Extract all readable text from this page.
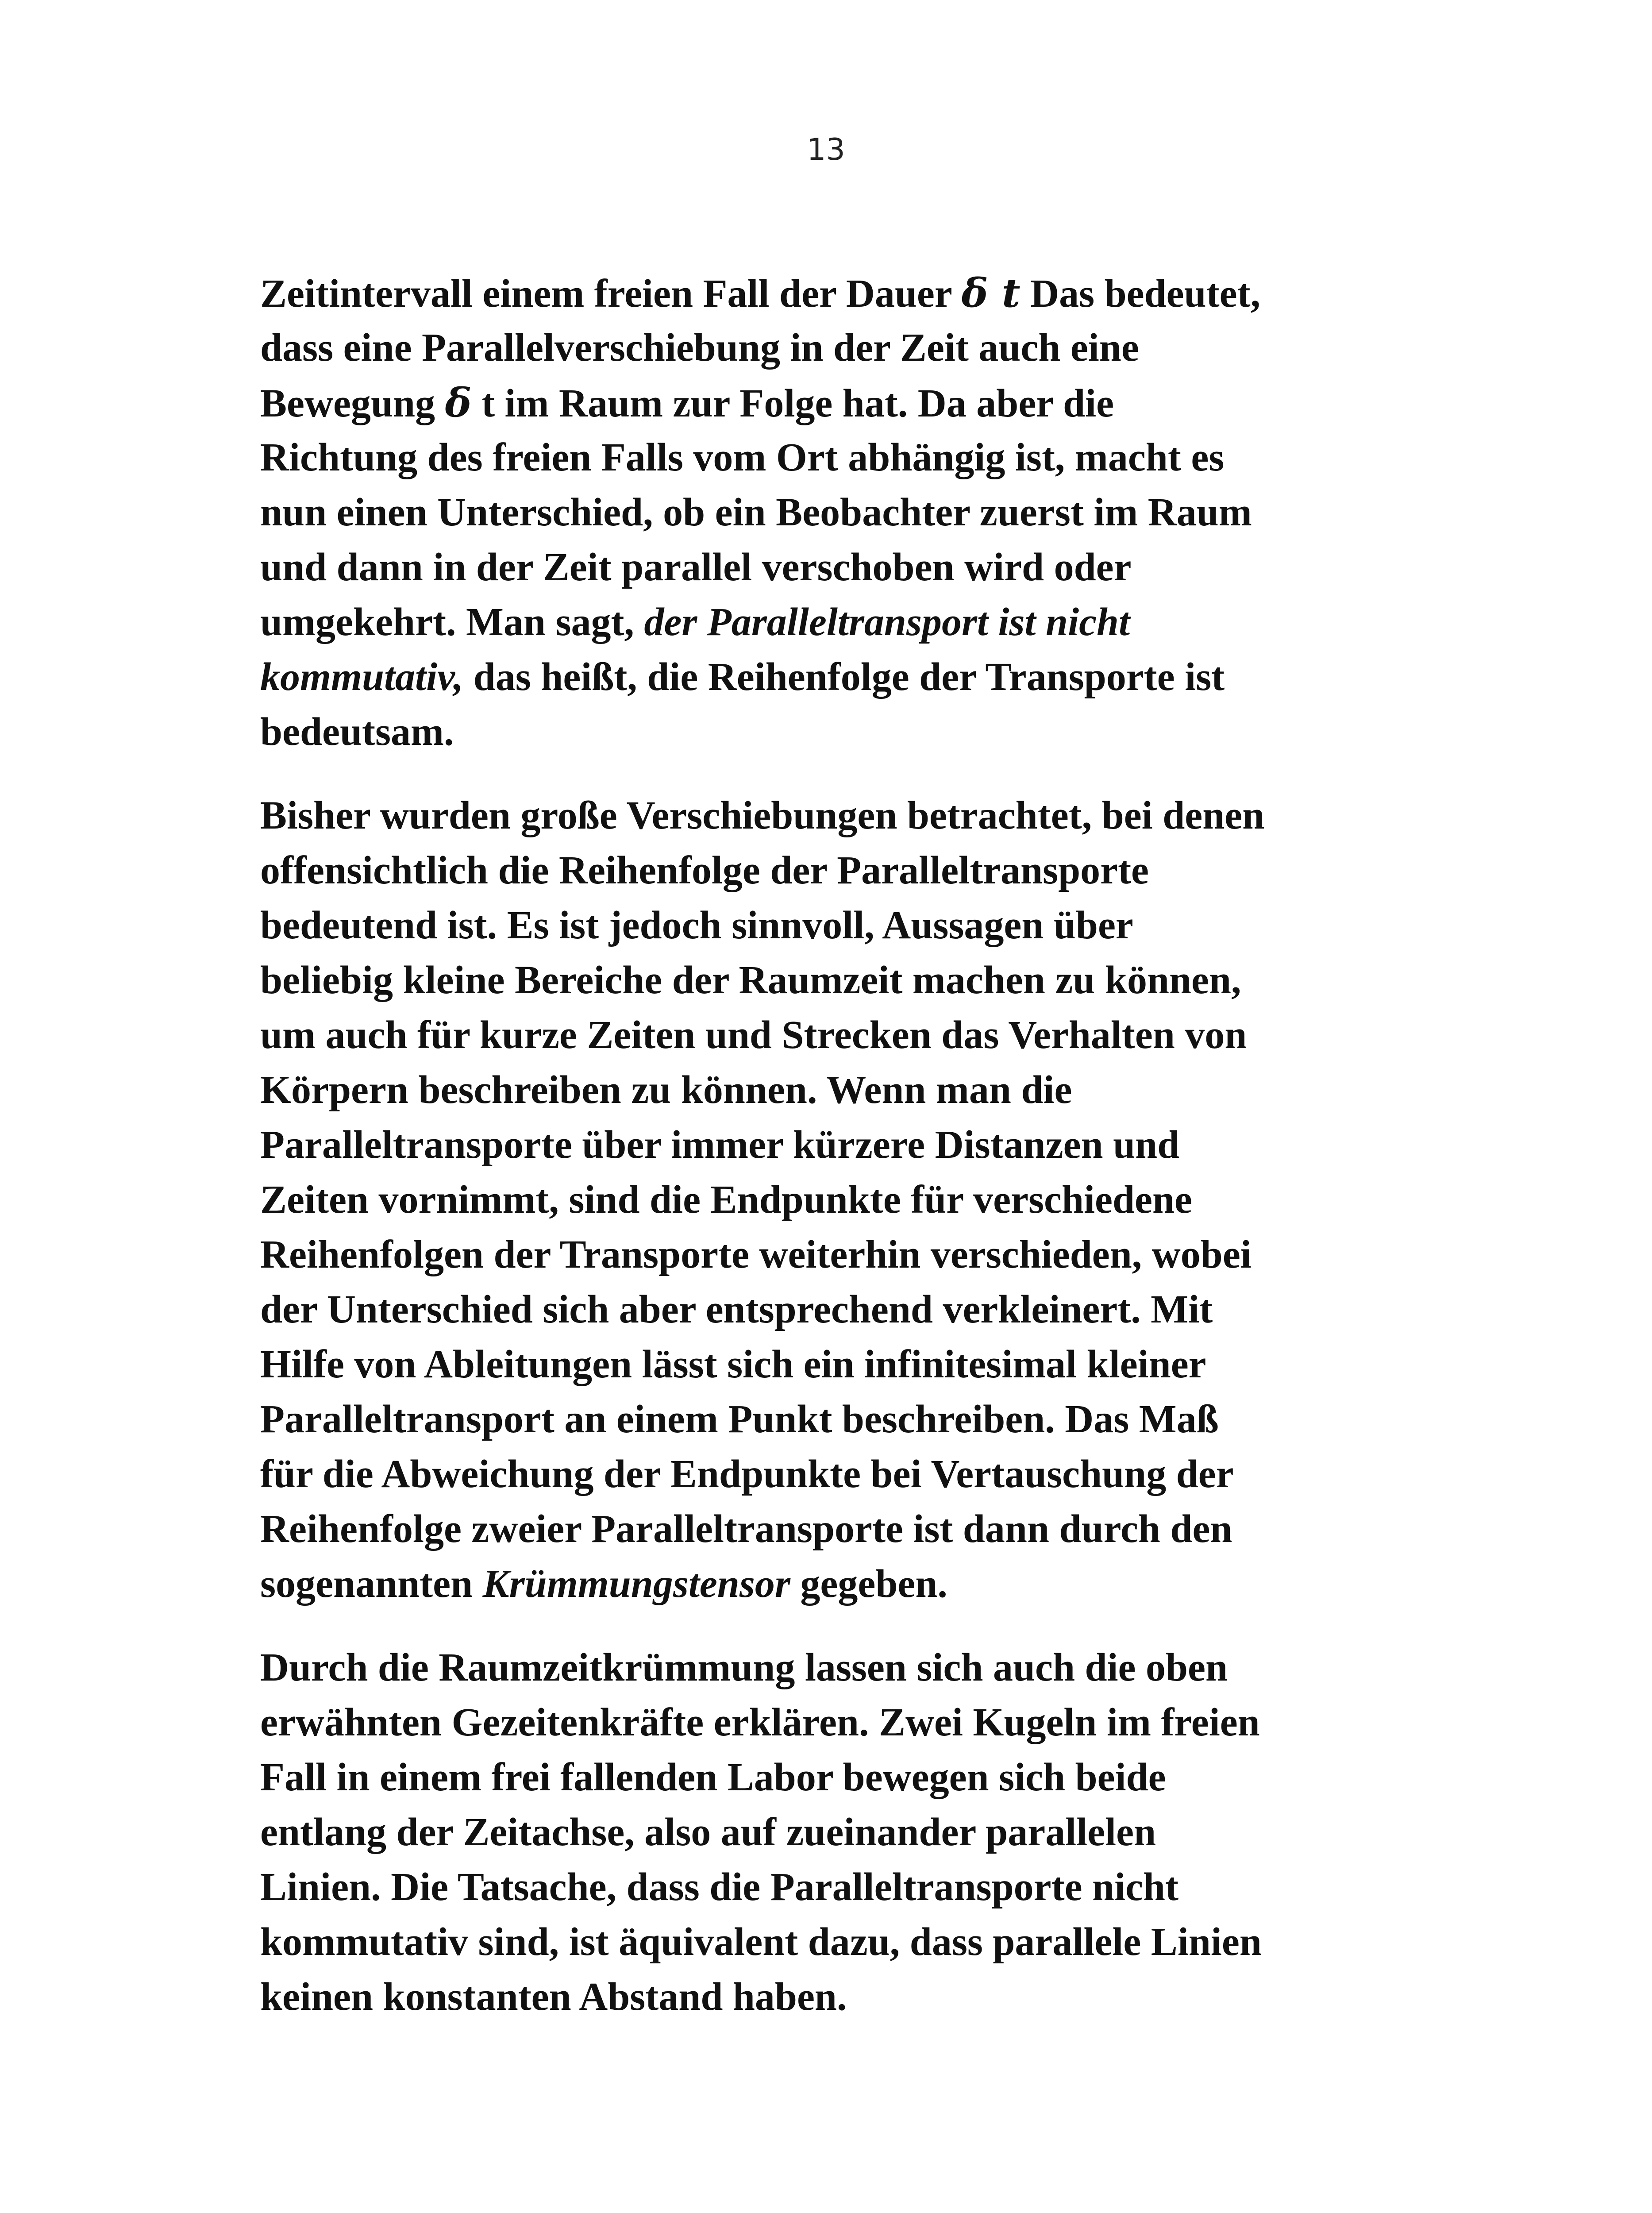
13
Zeitintervall einem freien Fall der Dauer δ t Das bedeutet,
dass eine Parallelverschiebung in der Zeit auch eine
Bewegung δ t im Raum zur Folge hat. Da aber die
Richtung des freien Falls vom Ort abhängig ist, macht es
nun einen Unterschied, ob ein Beobachter zuerst im Raum
und dann in der Zeit parallel verschoben wird oder
umgekehrt. Man sagt, der Paralleltransport ist nicht
kommutativ, das heißt, die Reihenfolge der Transporte ist
bedeutsam.
Bisher wurden große Verschiebungen betrachtet, bei denen
offensichtlich die Reihenfolge der Paralleltransporte
bedeutend ist. Es ist jedoch sinnvoll, Aussagen über
beliebig kleine Bereiche der Raumzeit machen zu können,
um auch für kurze Zeiten und Strecken das Verhalten von
Körpern beschreiben zu können. Wenn man die
Paralleltransporte über immer kürzere Distanzen und
Zeiten vornimmt, sind die Endpunkte für verschiedene
Reihenfolgen der Transporte weiterhin verschieden, wobei
der Unterschied sich aber entsprechend verkleinert. Mit
Hilfe von Ableitungen lässt sich ein infinitesimal kleiner
Paralleltransport an einem Punkt beschreiben. Das Maß
für die Abweichung der Endpunkte bei Vertauschung der
Reihenfolge zweier Paralleltransporte ist dann durch den
sogenannten Krümmungstensor gegeben.
Durch die Raumzeitkrümmung lassen sich auch die oben
erwähnten Gezeitenkräfte erklären. Zwei Kugeln im freien
Fall in einem frei fallenden Labor bewegen sich beide
entlang der Zeitachse, also auf zueinander parallelen
Linien. Die Tatsache, dass die Paralleltransporte nicht
kommutativ sind, ist äquivalent dazu, dass parallele Linien
keinen konstanten Abstand haben.
